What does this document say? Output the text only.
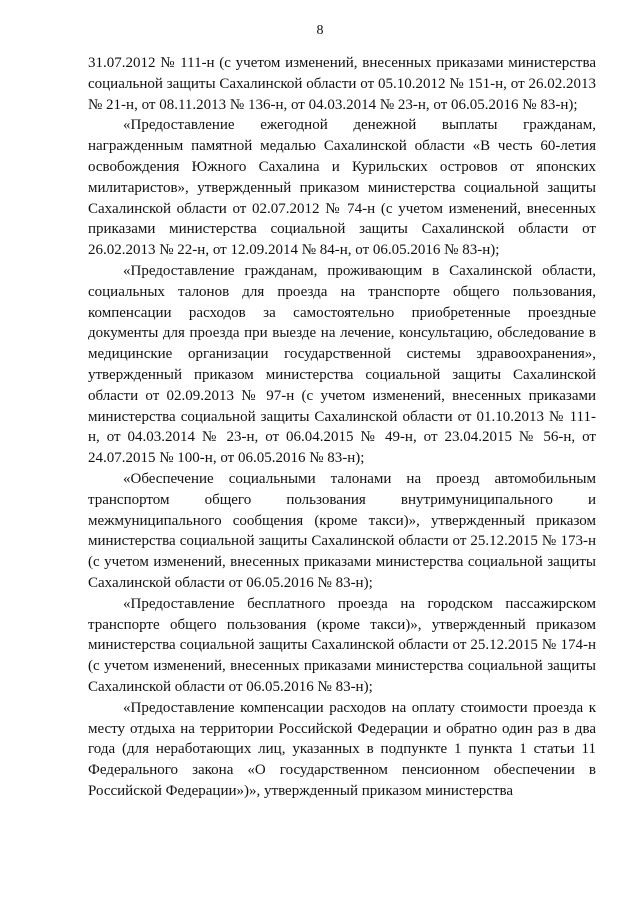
8

31.07.2012 № 111-н (с учетом изменений, внесенных приказами министерства социальной защиты Сахалинской области от 05.10.2012 № 151-н, от 26.02.2013 № 21-н, от 08.11.2013 № 136-н, от 04.03.2014 № 23-н, от 06.05.2016 № 83-н);

«Предоставление ежегодной денежной выплаты гражданам, награжденным памятной медалью Сахалинской области «В честь 60-летия освобождения Южного Сахалина и Курильских островов от японских милитаристов», утвержденный приказом министерства социальной защиты Сахалинской области от 02.07.2012 № 74-н (с учетом изменений, внесенных приказами министерства социальной защиты Сахалинской области от 26.02.2013 № 22-н, от 12.09.2014 № 84-н, от 06.05.2016 № 83-н);

«Предоставление гражданам, проживающим в Сахалинской области, социальных талонов для проезда на транспорте общего пользования, компенсации расходов за самостоятельно приобретенные проездные документы для проезда при выезде на лечение, консультацию, обследование в медицинские организации государственной системы здравоохранения», утвержденный приказом министерства социальной защиты Сахалинской области от 02.09.2013 № 97-н (с учетом изменений, внесенных приказами министерства социальной защиты Сахалинской области от 01.10.2013 № 111-н, от 04.03.2014 № 23-н, от 06.04.2015 № 49-н, от 23.04.2015 № 56-н, от 24.07.2015 № 100-н, от 06.05.2016 № 83-н);

«Обеспечение социальными талонами на проезд автомобильным транспортом общего пользования внутримуниципального и межмуниципального сообщения (кроме такси)», утвержденный приказом министерства социальной защиты Сахалинской области от 25.12.2015 № 173-н (с учетом изменений, внесенных приказами министерства социальной защиты Сахалинской области от 06.05.2016 № 83-н);

«Предоставление бесплатного проезда на городском пассажирском транспорте общего пользования (кроме такси)», утвержденный приказом министерства социальной защиты Сахалинской области от 25.12.2015 № 174-н (с учетом изменений, внесенных приказами министерства социальной защиты Сахалинской области от 06.05.2016 № 83-н);

«Предоставление компенсации расходов на оплату стоимости проезда к месту отдыха на территории Российской Федерации и обратно один раз в два года (для неработающих лиц, указанных в подпункте 1 пункта 1 статьи 11 Федерального закона «О государственном пенсионном обеспечении в Российской Федерации»)», утвержденный приказом министерства
